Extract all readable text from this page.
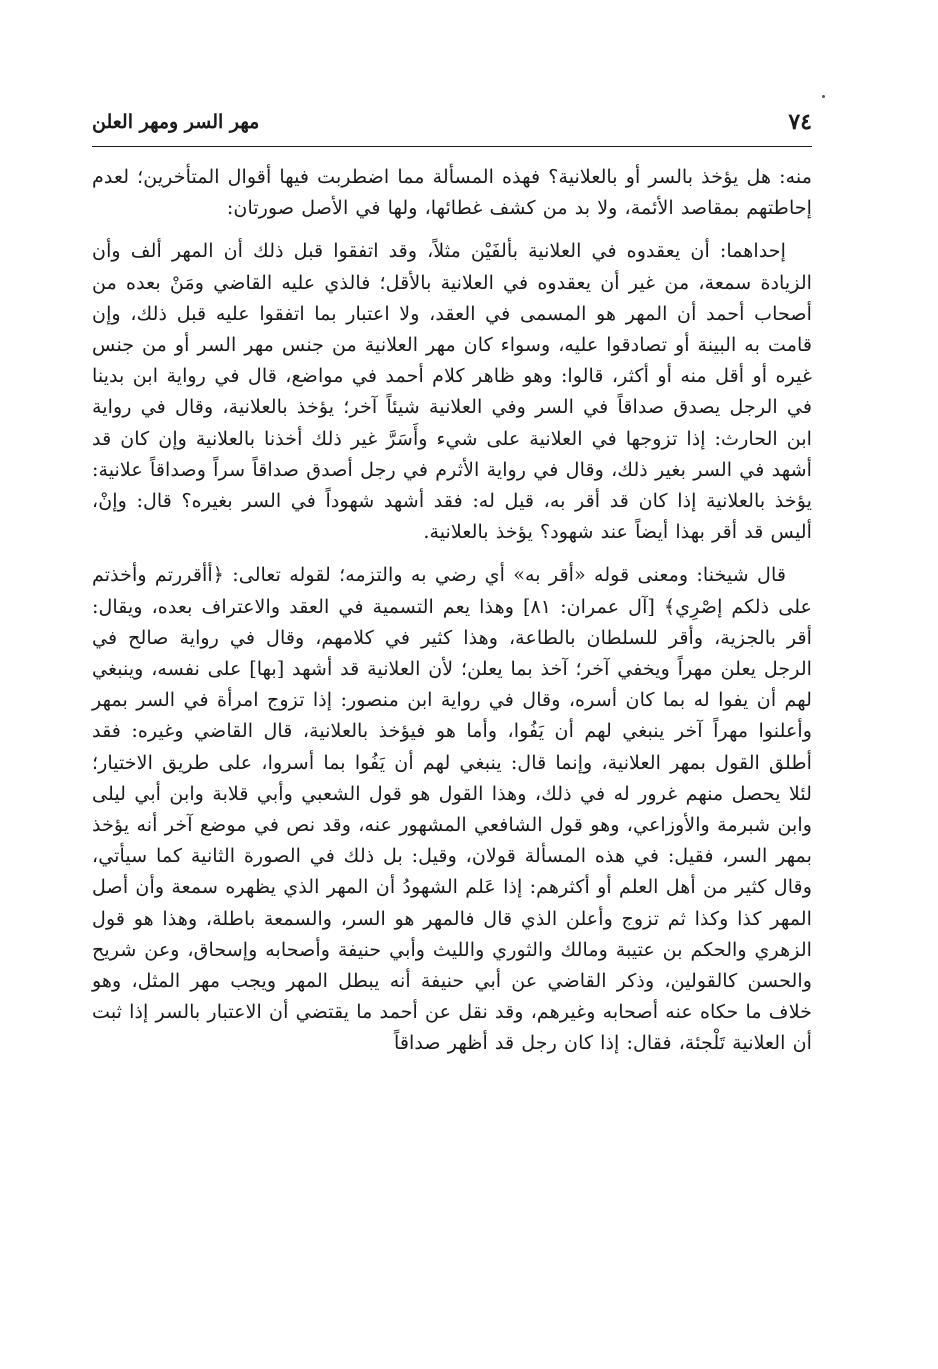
٧٤
مهر السر ومهر العلن

منه: هل يؤخذ بالسر أو بالعلانية؟ فهذه المسألة مما اضطربت فيها أقوال المتأخرين؛ لعدم إحاطتهم بمقاصد الأئمة، ولا بد من كشف غطائها، ولها في الأصل صورتان:

إحداهما: أن يعقدوه في العلانية بألفَيْن مثلاً، وقد اتفقوا قبل ذلك أن المهر ألف وأن الزيادة سمعة، من غير أن يعقدوه في العلانية بالأقل؛ فالذي عليه القاضي ومَنْ بعده من أصحاب أحمد أن المهر هو المسمى في العقد، ولا اعتبار بما اتفقوا عليه قبل ذلك، وإن قامت به البينة أو تصادقوا عليه، وسواء كان مهر العلانية من جنس مهر السر أو من جنس غيره أو أقل منه أو أكثر، قالوا: وهو ظاهر كلام أحمد في مواضع، قال في رواية ابن بدينا في الرجل يصدق صداقاً في السر وفي العلانية شيئاً آخر؛ يؤخذ بالعلانية، وقال في رواية ابن الحارث: إذا تزوجها في العلانية على شيء وأَسَرَّ غير ذلك أخذنا بالعلانية وإن كان قد أشهد في السر بغير ذلك، وقال في رواية الأثرم في رجل أصدق صداقاً سراً وصداقاً علانية: يؤخذ بالعلانية إذا كان قد أقر به، قيل له: فقد أشهد شهوداً في السر بغيره؟ قال: وإنْ، أليس قد أقر بهذا أيضاً عند شهود؟ يؤخذ بالعلانية.

قال شيخنا: ومعنى قوله «أقر به» أي رضي به والتزمه؛ لقوله تعالى: ﴿أأقررتم وأخذتم على ذلكم إصْرِي﴾ [آل عمران: ٨١] وهذا يعم التسمية في العقد والاعتراف بعده، ويقال: أقر بالجزية، وأقر للسلطان بالطاعة، وهذا كثير في كلامهم، وقال في رواية صالح في الرجل يعلن مهراً ويخفي آخر؛ آخذ بما يعلن؛ لأن العلانية قد أشهد [بها] على نفسه، وينبغي لهم أن يفوا له بما كان أسره، وقال في رواية ابن منصور: إذا تزوج امرأة في السر بمهر وأعلنوا مهراً آخر ينبغي لهم أن يَفُوا، وأما هو فيؤخذ بالعلانية، قال القاضي وغيره: فقد أطلق القول بمهر العلانية، وإنما قال: ينبغي لهم أن يَفُوا بما أسروا، على طريق الاختيار؛ لئلا يحصل منهم غرور له في ذلك، وهذا القول هو قول الشعبي وأبي قلابة وابن أبي ليلى وابن شبرمة والأوزاعي، وهو قول الشافعي المشهور عنه، وقد نص في موضع آخر أنه يؤخذ بمهر السر، فقيل: في هذه المسألة قولان، وقيل: بل ذلك في الصورة الثانية كما سيأتي، وقال كثير من أهل العلم أو أكثرهم: إذا عَلم الشهودُ أن المهر الذي يظهره سمعة وأن أصل المهر كذا وكذا ثم تزوج وأعلن الذي قال فالمهر هو السر، والسمعة باطلة، وهذا هو قول الزهري والحكم بن عتيبة ومالك والثوري والليث وأبي حنيفة وأصحابه وإسحاق، وعن شريح والحسن كالقولين، وذكر القاضي عن أبي حنيفة أنه يبطل المهر ويجب مهر المثل، وهو خلاف ما حكاه عنه أصحابه وغيرهم، وقد نقل عن أحمد ما يقتضي أن الاعتبار بالسر إذا ثبت أن العلانية تَلْجئة، فقال: إذا كان رجل قد أظهر صداقاً
